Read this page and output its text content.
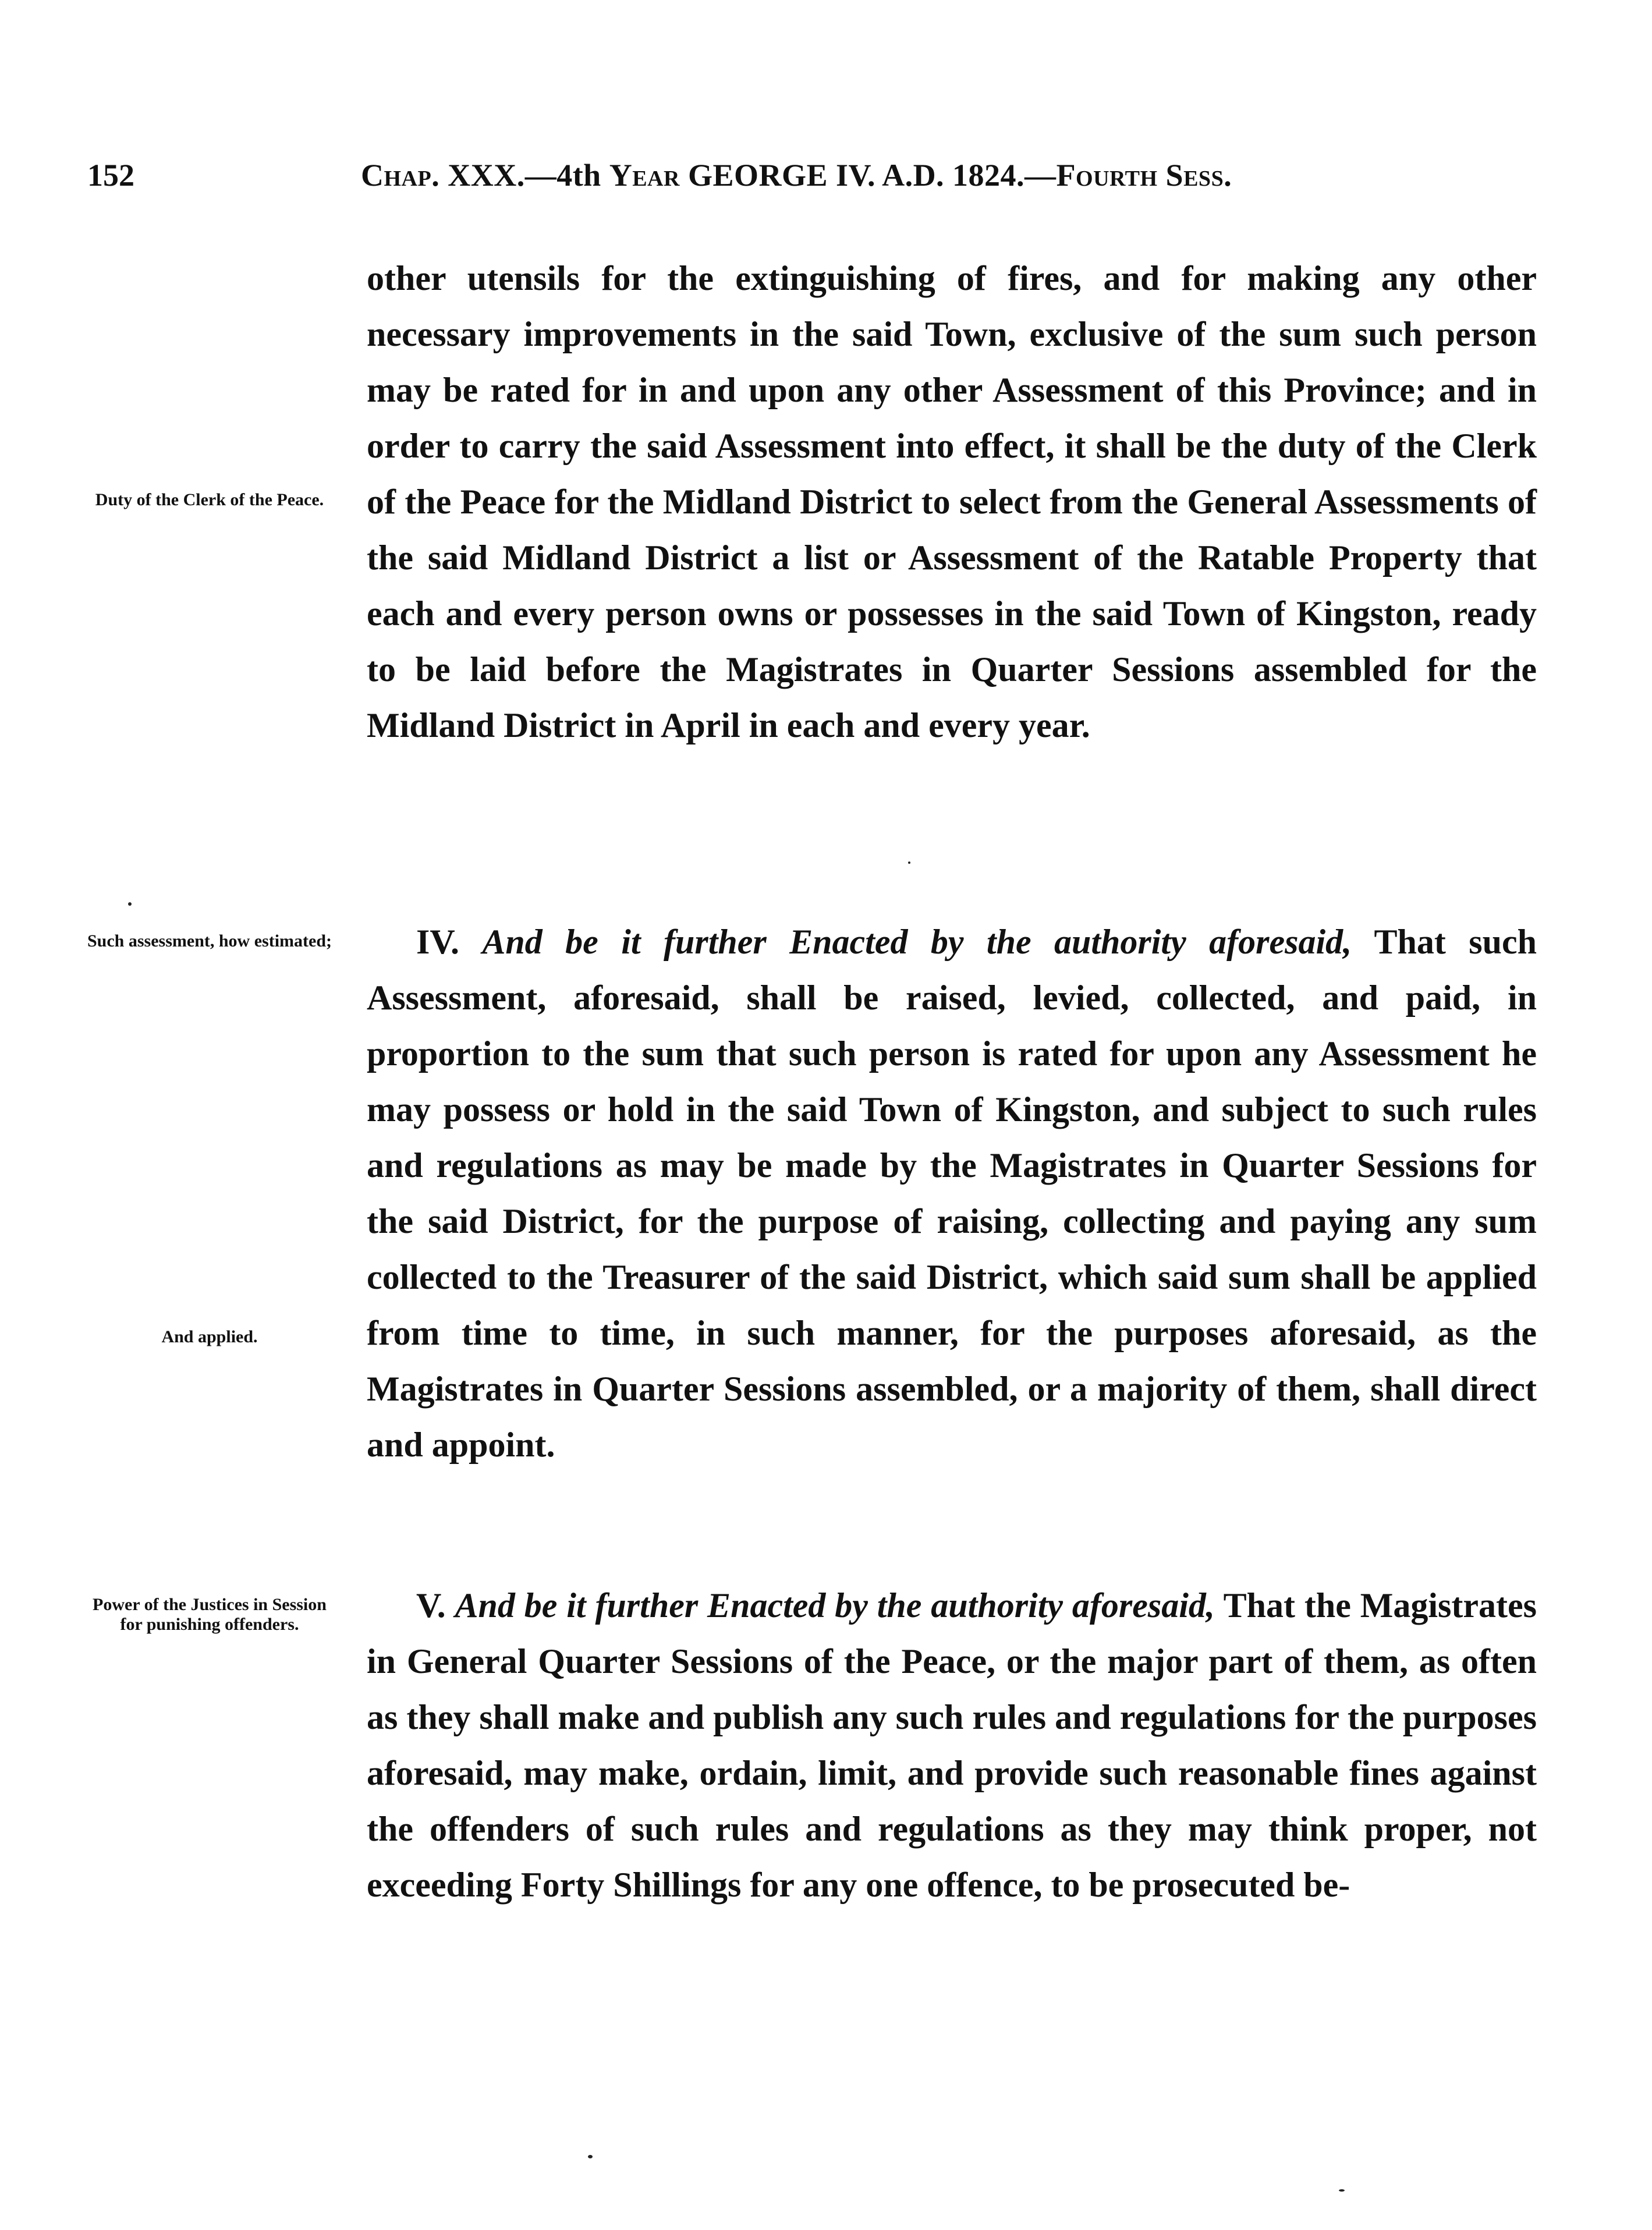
152	Chap. XXX.—4th Year GEORGE IV. A.D. 1824.—Fourth Sess.

other utensils for the extinguishing of fires, and for making any other necessary improvements in the said Town, exclusive of the sum such person may be rated for in and upon any other Assessment of this Province; and in order to carry the said Assessment into effect, it shall be the duty of the Clerk of the Peace for the Midland District to select from the General Assessments of the said Midland District a list or Assessment of the Ratable Property that each and every person owns or possesses in the said Town of Kingston, ready to be laid before the Magistrates in Quarter Sessions assembled for the Midland District in April in each and every year.

Duty of the Clerk of the Peace.

IV. And be it further Enacted by the authority aforesaid, That such Assessment, aforesaid, shall be raised, levied, collected, and paid, in proportion to the sum that such person is rated for upon any Assessment he may possess or hold in the said Town of Kingston, and subject to such rules and regulations as may be made by the Magistrates in Quarter Sessions for the said District, for the purpose of raising, collecting and paying any sum collected to the Treasurer of the said District, which said sum shall be applied from time to time, in such manner, for the purposes aforesaid, as the Magistrates in Quarter Sessions assembled, or a majority of them, shall direct and appoint.

Such assessment, how estimated;
And applied.

V. And be it further Enacted by the authority aforesaid, That the Magistrates in General Quarter Sessions of the Peace, or the major part of them, as often as they shall make and publish any such rules and regulations for the purposes aforesaid, may make, ordain, limit, and provide such reasonable fines against the offenders of such rules and regulations as they may think proper, not exceeding Forty Shillings for any one offence, to be prosecuted be-

Power of the Justices in Session for punishing offenders.
